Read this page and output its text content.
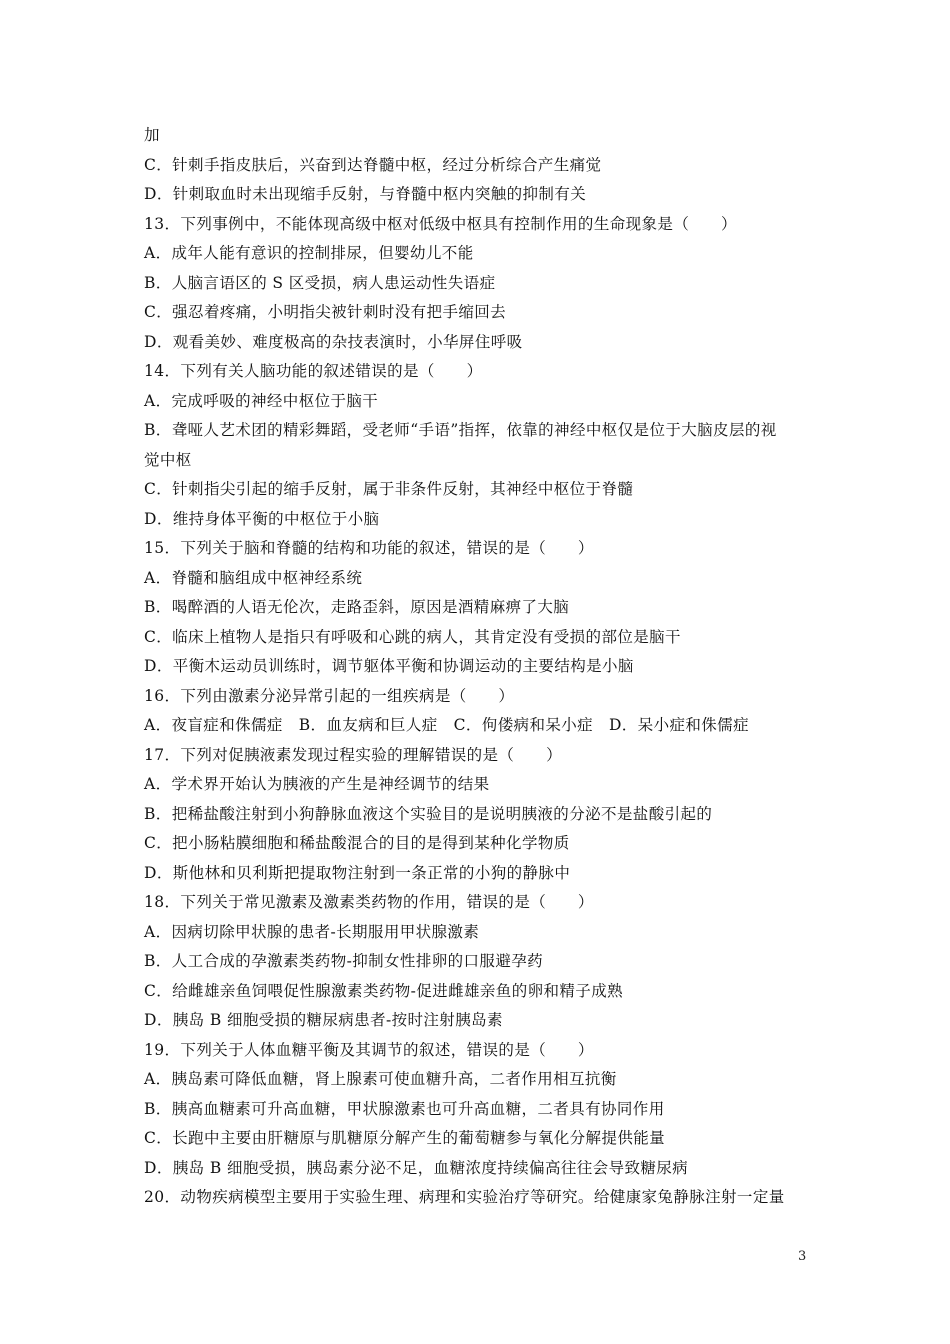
加
C．针刺手指皮肤后，兴奋到达脊髓中枢，经过分析综合产生痛觉
D．针刺取血时未出现缩手反射，与脊髓中枢内突触的抑制有关
13．下列事例中，不能体现高级中枢对低级中枢具有控制作用的生命现象是（　　）
A．成年人能有意识的控制排尿，但婴幼儿不能
B．人脑言语区的 S 区受损，病人患运动性失语症
C．强忍着疼痛，小明指尖被针刺时没有把手缩回去
D．观看美妙、难度极高的杂技表演时，小华屏住呼吸
14．下列有关人脑功能的叙述错误的是（　　）
A．完成呼吸的神经中枢位于脑干
B．聋哑人艺术团的精彩舞蹈，受老师“手语”指挥，依靠的神经中枢仅是位于大脑皮层的视
觉中枢
C．针刺指尖引起的缩手反射，属于非条件反射，其神经中枢位于脊髓
D．维持身体平衡的中枢位于小脑
15．下列关于脑和脊髓的结构和功能的叙述，错误的是（　　）
A．脊髓和脑组成中枢神经系统
B．喝醉酒的人语无伦次，走路歪斜，原因是酒精麻痹了大脑
C．临床上植物人是指只有呼吸和心跳的病人，其肯定没有受损的部位是脑干
D．平衡木运动员训练时，调节躯体平衡和协调运动的主要结构是小脑
16．下列由激素分泌异常引起的一组疾病是（　　）
A．夜盲症和侏儒症　B．血友病和巨人症　C．佝偻病和呆小症　D．呆小症和侏儒症
17．下列对促胰液素发现过程实验的理解错误的是（　　）
A．学术界开始认为胰液的产生是神经调节的结果
B．把稀盐酸注射到小狗静脉血液这个实验目的是说明胰液的分泌不是盐酸引起的
C．把小肠粘膜细胞和稀盐酸混合的目的是得到某种化学物质
D．斯他林和贝利斯把提取物注射到一条正常的小狗的静脉中
18．下列关于常见激素及激素类药物的作用，错误的是（　　）
A．因病切除甲状腺的患者-长期服用甲状腺激素
B．人工合成的孕激素类药物-抑制女性排卵的口服避孕药
C．给雌雄亲鱼饲喂促性腺激素类药物-促进雌雄亲鱼的卵和精子成熟
D．胰岛 B 细胞受损的糖尿病患者-按时注射胰岛素
19．下列关于人体血糖平衡及其调节的叙述，错误的是（　　）
A．胰岛素可降低血糖，肾上腺素可使血糖升高，二者作用相互抗衡
B．胰高血糖素可升高血糖，甲状腺激素也可升高血糖，二者具有协同作用
C．长跑中主要由肝糖原与肌糖原分解产生的葡萄糖参与氧化分解提供能量
D．胰岛 B 细胞受损，胰岛素分泌不足，血糖浓度持续偏高往往会导致糖尿病
20．动物疾病模型主要用于实验生理、病理和实验治疗等研究。给健康家兔静脉注射一定量
3
